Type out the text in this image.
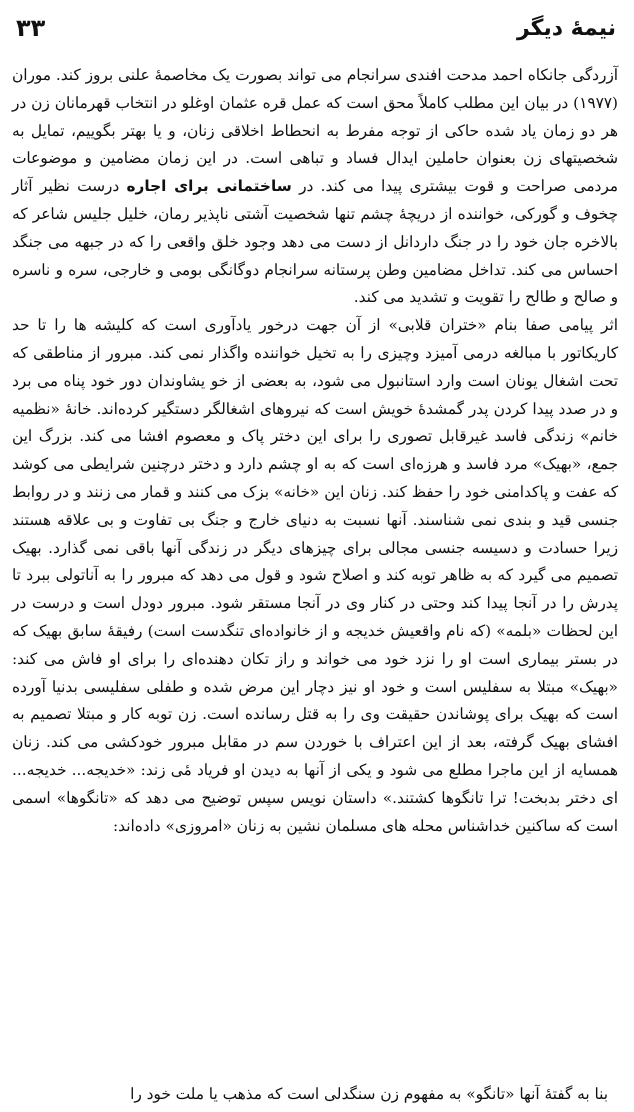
نیمهٔ دیگر
۳۳

آزردگی جانکاه احمد مدحت افندی سرانجام می تواند بصورت یک مخاصمهٔ علنی بروز کند. موران (۱۹۷۷) در بیان این مطلب کاملاً محق است که عمل قره عثمان اوغلو در انتخاب قهرمانان زن در هر دو زمان یاد شده حاکی از توجه مفرط به انحطاط اخلاقی زنان، و یا بهتر بگوییم، تمایل به شخصیتهای زن بعنوان حاملین ایدال فساد و تباهی است. در این زمان مضامین و موضوعات مردمی صراحت و قوت بیشتری پیدا می کند. در ساختمانی برای اجاره درست نظیر آثار چخوف و گورکی، خواننده از دریچهٔ چشم تنها شخصیت آشتی ناپذیر رمان، خلیل جلیس شاعر که بالاخره جان خود را در جنگ داردانل از دست می دهد وجود خلق واقعی را که در جبهه می جنگد احساس می کند. تداخل مضامین وطن پرستانه سرانجام دوگانگی بومی و خارجی، سره و ناسره و صالح و طالح را تقویت و تشدید می کند.

اثر پیامی صفا بنام «ختران قلابی» از آن جهت درخور یادآوری است که کلیشه ها را تا حد کاریکاتور با مبالغه درمی آمیزد وچیزی را به تخیل خواننده واگذار نمی کند. مبرور از مناطقی که تحت اشغال یونان است وارد استانبول می شود، به بعضی از خو یشاوندان دور خود پناه می برد و در صدد پیدا کردن پدر گمشدهٔ خویش است که نیروهای اشغالگر دستگیر کرده‌اند. خانهٔ «نظمیه خانم» زندگی فاسد غیرقابل تصوری را برای این دختر پاک و معصوم افشا می کند. بزرگ این جمع، «بهیک» مرد فاسد و هرزه‌ای است که به او چشم دارد و دختر درچنین شرایطی می کوشد که عفت و پاکدامنی خود را حفظ کند. زنان این «خانه» بزک می کنند و قمار می زنند و در روابط جنسی قید و بندی نمی شناسند. آنها نسبت به دنیای خارج و جنگ بی تفاوت و بی علاقه هستند زیرا حسادت و دسیسه جنسی مجالی برای چیزهای دیگر در زندگی آنها باقی نمی گذارد. بهیک تصمیم می گیرد که به ظاهر توبه کند و اصلاح شود و قول می دهد که مبرور را به آناتولی ببرد تا پدرش را در آنجا پیدا کند وحتی در کنار وی در آنجا مستقر شود. مبرور دودل است و درست در این لحظات «بلمه» (که نام واقعیش خدیجه و از خانواده‌ای تنگدست است) رفیقهٔ سابق بهیک که در بستر بیماری است او را نزد خود می خواند و راز تکان دهنده‌ای را برای او فاش می کند: «بهیک» مبتلا به سفلیس است و خود او نیز دچار این مرض شده و طفلی سفلیسی بدنیا آورده است که بهیک برای پوشاندن حقیقت وی را به قتل رسانده است. زن توبه کار و مبتلا تصمیم به افشای بهیک گرفته، بعد از این اعتراف با خوردن سم در مقابل مبرور خودکشی می کند. زنان همسایه از این ماجرا مطلع می شود و یکی از آنها به دیدن او فریاد مٔی زند: «خدیجه... خدیجه... ای دختر بدبخت! ترا تانگوها کشتند.» داستان نویس سپس توضیح می دهد که «تانگوها» اسمی است که ساکنین خداشناس محله های مسلمان نشین به زنان «امروزی» داده‌اند:

بنا به گفتهٔ آنها «تانگو» به مفهوم زن سنگدلی است که مذهب یا ملت خود را
